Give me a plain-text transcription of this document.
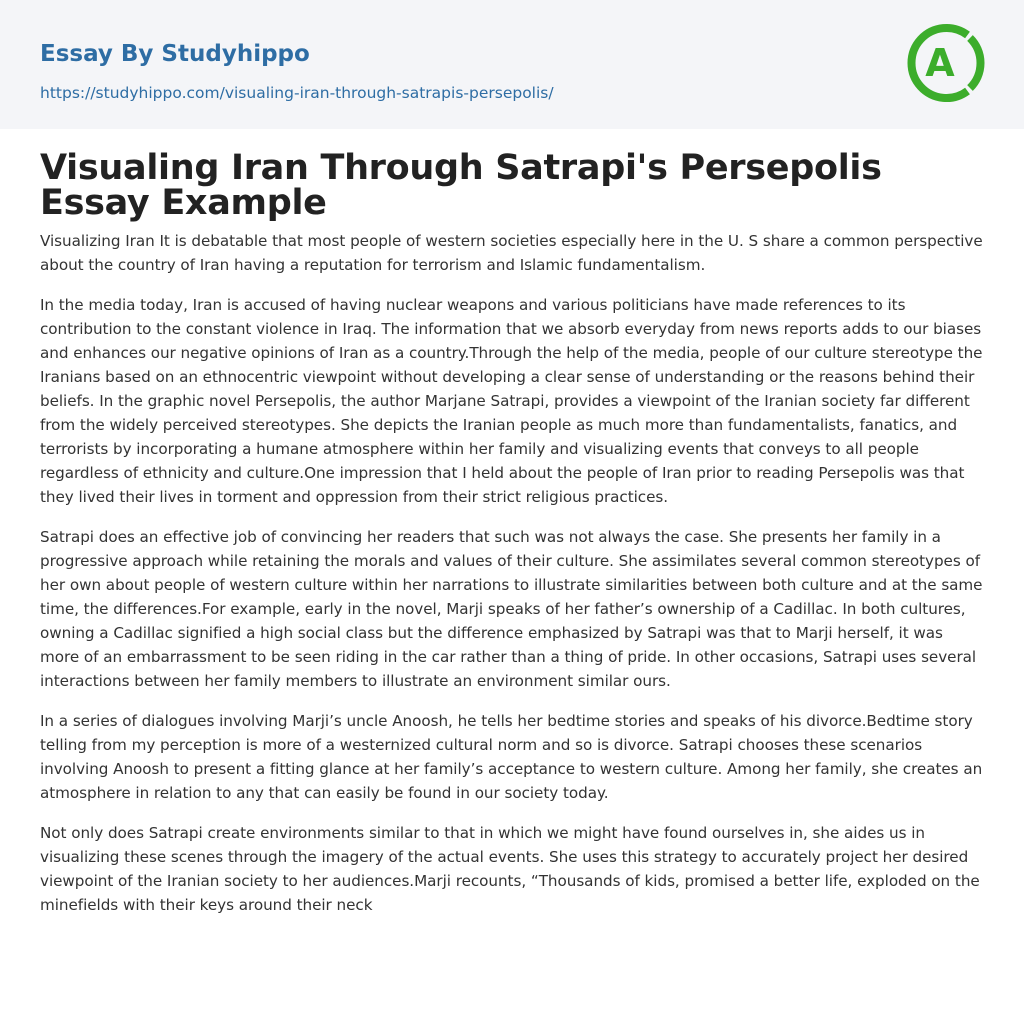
Essay By Studyhippo
https://studyhippo.com/visualing-iran-through-satrapis-persepolis/
A
Visualing Iran Through Satrapi's Persepolis Essay Example

Visualizing Iran It is debatable that most people of western societies especially here in the U. S share a common perspective about the country of Iran having a reputation for terrorism and Islamic fundamentalism.

In the media today, Iran is accused of having nuclear weapons and various politicians have made references to its contribution to the constant violence in Iraq. The information that we absorb everyday from news reports adds to our biases and enhances our negative opinions of Iran as a country.Through the help of the media, people of our culture stereotype the Iranians based on an ethnocentric viewpoint without developing a clear sense of understanding or the reasons behind their beliefs. In the graphic novel Persepolis, the author Marjane Satrapi, provides a viewpoint of the Iranian society far different from the widely perceived stereotypes. She depicts the Iranian people as much more than fundamentalists, fanatics, and terrorists by incorporating a humane atmosphere within her family and visualizing events that conveys to all people regardless of ethnicity and culture.One impression that I held about the people of Iran prior to reading Persepolis was that they lived their lives in torment and oppression from their strict religious practices.

Satrapi does an effective job of convincing her readers that such was not always the case. She presents her family in a progressive approach while retaining the morals and values of their culture. She assimilates several common stereotypes of her own about people of western culture within her narrations to illustrate similarities between both culture and at the same time, the differences.For example, early in the novel, Marji speaks of her father’s ownership of a Cadillac. In both cultures, owning a Cadillac signified a high social class but the difference emphasized by Satrapi was that to Marji herself, it was more of an embarrassment to be seen riding in the car rather than a thing of pride. In other occasions, Satrapi uses several interactions between her family members to illustrate an environment similar ours.

In a series of dialogues involving Marji’s uncle Anoosh, he tells her bedtime stories and speaks of his divorce.Bedtime story telling from my perception is more of a westernized cultural norm and so is divorce. Satrapi chooses these scenarios involving Anoosh to present a fitting glance at her family’s acceptance to western culture. Among her family, she creates an atmosphere in relation to any that can easily be found in our society today.

Not only does Satrapi create environments similar to that in which we might have found ourselves in, she aides us in visualizing these scenes through the imagery of the actual events. She uses this strategy to accurately project her desired viewpoint of the Iranian society to her audiences.Marji recounts, “Thousands of kids, promised a better life, exploded on the minefields with their keys around their neck
